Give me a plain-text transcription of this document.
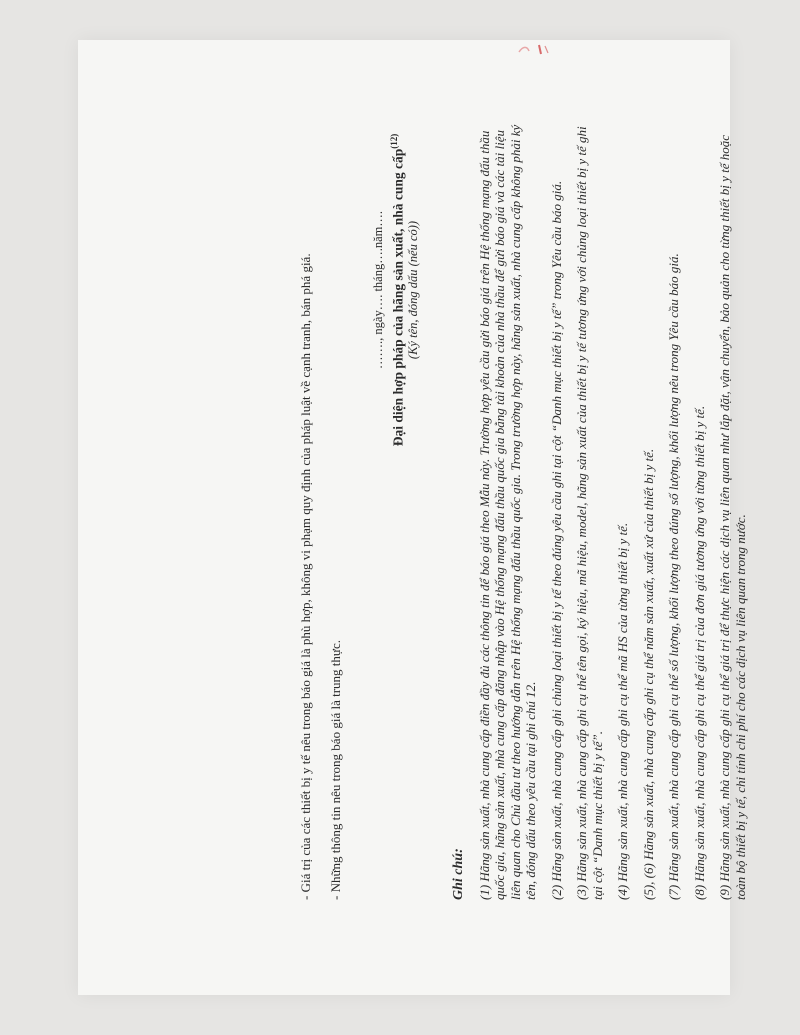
- Giá trị của các thiết bị y tế nêu trong báo giá là phù hợp, không vi phạm quy định của pháp luật về cạnh tranh, bán phá giá. - Những thông tin nêu trong báo giá là trung thực.

……., ngày…. tháng….năm…. Đại diện hợp pháp của hãng sản xuất, nhà cung cấp$^{(12)}$
(Ký tên, đóng dấu (nếu có))
Ghi chú: (1) Hãng sản xuất, nhà cung cấp điền đầy đủ các thông tin để báo giá theo Mẫu này. Trường hợp yêu cầu gửi báo giá trên Hệ thống mạng đấu thầu quốc gia, hãng sản xuất, nhà cung cấp đăng nhập vào Hệ thống mạng đấu thầu quốc gia bằng tài khoản của nhà thầu để gửi báo giá và các tài liệu liên quan cho Chủ đầu tư theo hướng dẫn trên Hệ thống mạng đấu thầu quốc gia. Trong trường hợp này, hãng sản xuất, nhà cung cấp không phải ký tên, đóng dấu theo yêu cầu tại ghi chú 12. (2) Hãng sản xuất, nhà cung cấp ghi chủng loại thiết bị y tế theo đúng yêu cầu ghi tại cột “Danh mục thiết bị y tế” trong Yêu cầu báo giá. (3) Hãng sản xuất, nhà cung cấp ghi cụ thể tên gọi, ký hiệu, mã hiệu, model, hãng sản xuất của thiết bị y tế tương ứng với chủng loại thiết bị y tế ghi tại cột “Danh mục thiết bị y tế”. (4) Hãng sản xuất, nhà cung cấp ghi cụ thể mã HS của từng thiết bị y tế. (5), (6) Hãng sản xuất, nhà cung cấp ghi cụ thể năm sản xuất, xuất xứ của thiết bị y tế. (7) Hãng sản xuất, nhà cung cấp ghi cụ thể số lượng, khối lượng theo đúng số lượng, khối lượng nêu trong Yêu cầu báo giá. (8) Hãng sản xuất, nhà cung cấp ghi cụ thể giá trị của đơn giá tương ứng với từng thiết bị y tế. (9) Hãng sản xuất, nhà cung cấp ghi cụ thể giá trị để thực hiện các dịch vụ liên quan như lắp đặt, vận chuyển, bảo quản cho từng thiết bị y tế hoặc toàn bộ thiết bị y tế, chi tính chi phí cho các dịch vụ liên quan trong nước.
